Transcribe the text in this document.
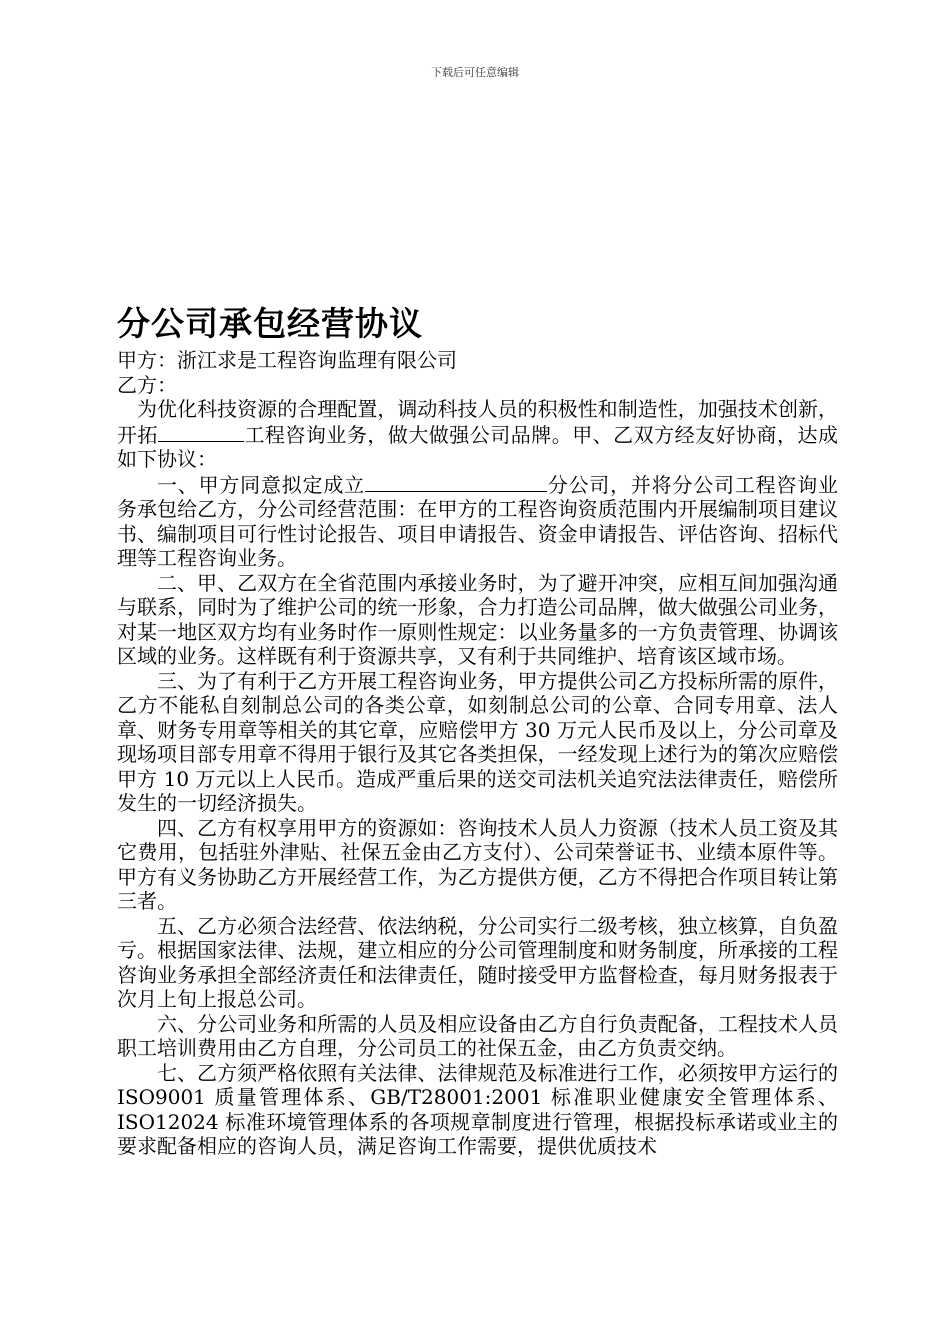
下载后可任意编辑
分公司承包经营协议

甲方：浙江求是工程咨询监理有限公司

乙方：

为优化科技资源的合理配置，调动科技人员的积极性和制造性，加强技术创新，开拓	工程咨询业务，做大做强公司品牌。甲、乙双方经友好协商，达成如下协议：

一、甲方同意拟定成立	分公司，并将分公司工程咨询业务承包给乙方，分公司经营范围：在甲方的工程咨询资质范围内开展编制项目建议书、编制项目可行性讨论报告、项目申请报告、资金申请报告、评估咨询、招标代理等工程咨询业务。

二、甲、乙双方在全省范围内承接业务时，为了避开冲突，应相互间加强沟通与联系，同时为了维护公司的统一形象，合力打造公司品牌，做大做强公司业务，对某一地区双方均有业务时作一原则性规定：以业务量多的一方负责管理、协调该区域的业务。这样既有利于资源共享，又有利于共同维护、培育该区域市场。

三、为了有利于乙方开展工程咨询业务，甲方提供公司乙方投标所需的原件，乙方不能私自刻制总公司的各类公章，如刻制总公司的公章、合同专用章、法人章、财务专用章等相关的其它章，应赔偿甲方 30 万元人民币及以上，分公司章及现场项目部专用章不得用于银行及其它各类担保，一经发现上述行为的第次应赔偿甲方 10 万元以上人民币。造成严重后果的送交司法机关追究法法律责任，赔偿所发生的一切经济损失。

四、乙方有权享用甲方的资源如：咨询技术人员人力资源（技术人员工资及其它费用，包括驻外津贴、社保五金由乙方支付）、公司荣誉证书、业绩本原件等。甲方有义务协助乙方开展经营工作，为乙方提供方便，乙方不得把合作项目转让第三者。

五、乙方必须合法经营、依法纳税，分公司实行二级考核，独立核算，自负盈亏。根据国家法律、法规，建立相应的分公司管理制度和财务制度，所承接的工程咨询业务承担全部经济责任和法律责任，随时接受甲方监督检查，每月财务报表于次月上旬上报总公司。

六、分公司业务和所需的人员及相应设备由乙方自行负责配备，工程技术人员职工培训费用由乙方自理，分公司员工的社保五金，由乙方负责交纳。

七、乙方须严格依照有关法律、法律规范及标准进行工作，必须按甲方运行的 ISO9001 质量管理体系、GB/T28001:2001 标准职业健康安全管理体系、ISO12024 标准环境管理体系的各项规章制度进行管理，根据投标承诺或业主的要求配备相应的咨询人员，满足咨询工作需要，提供优质技术
